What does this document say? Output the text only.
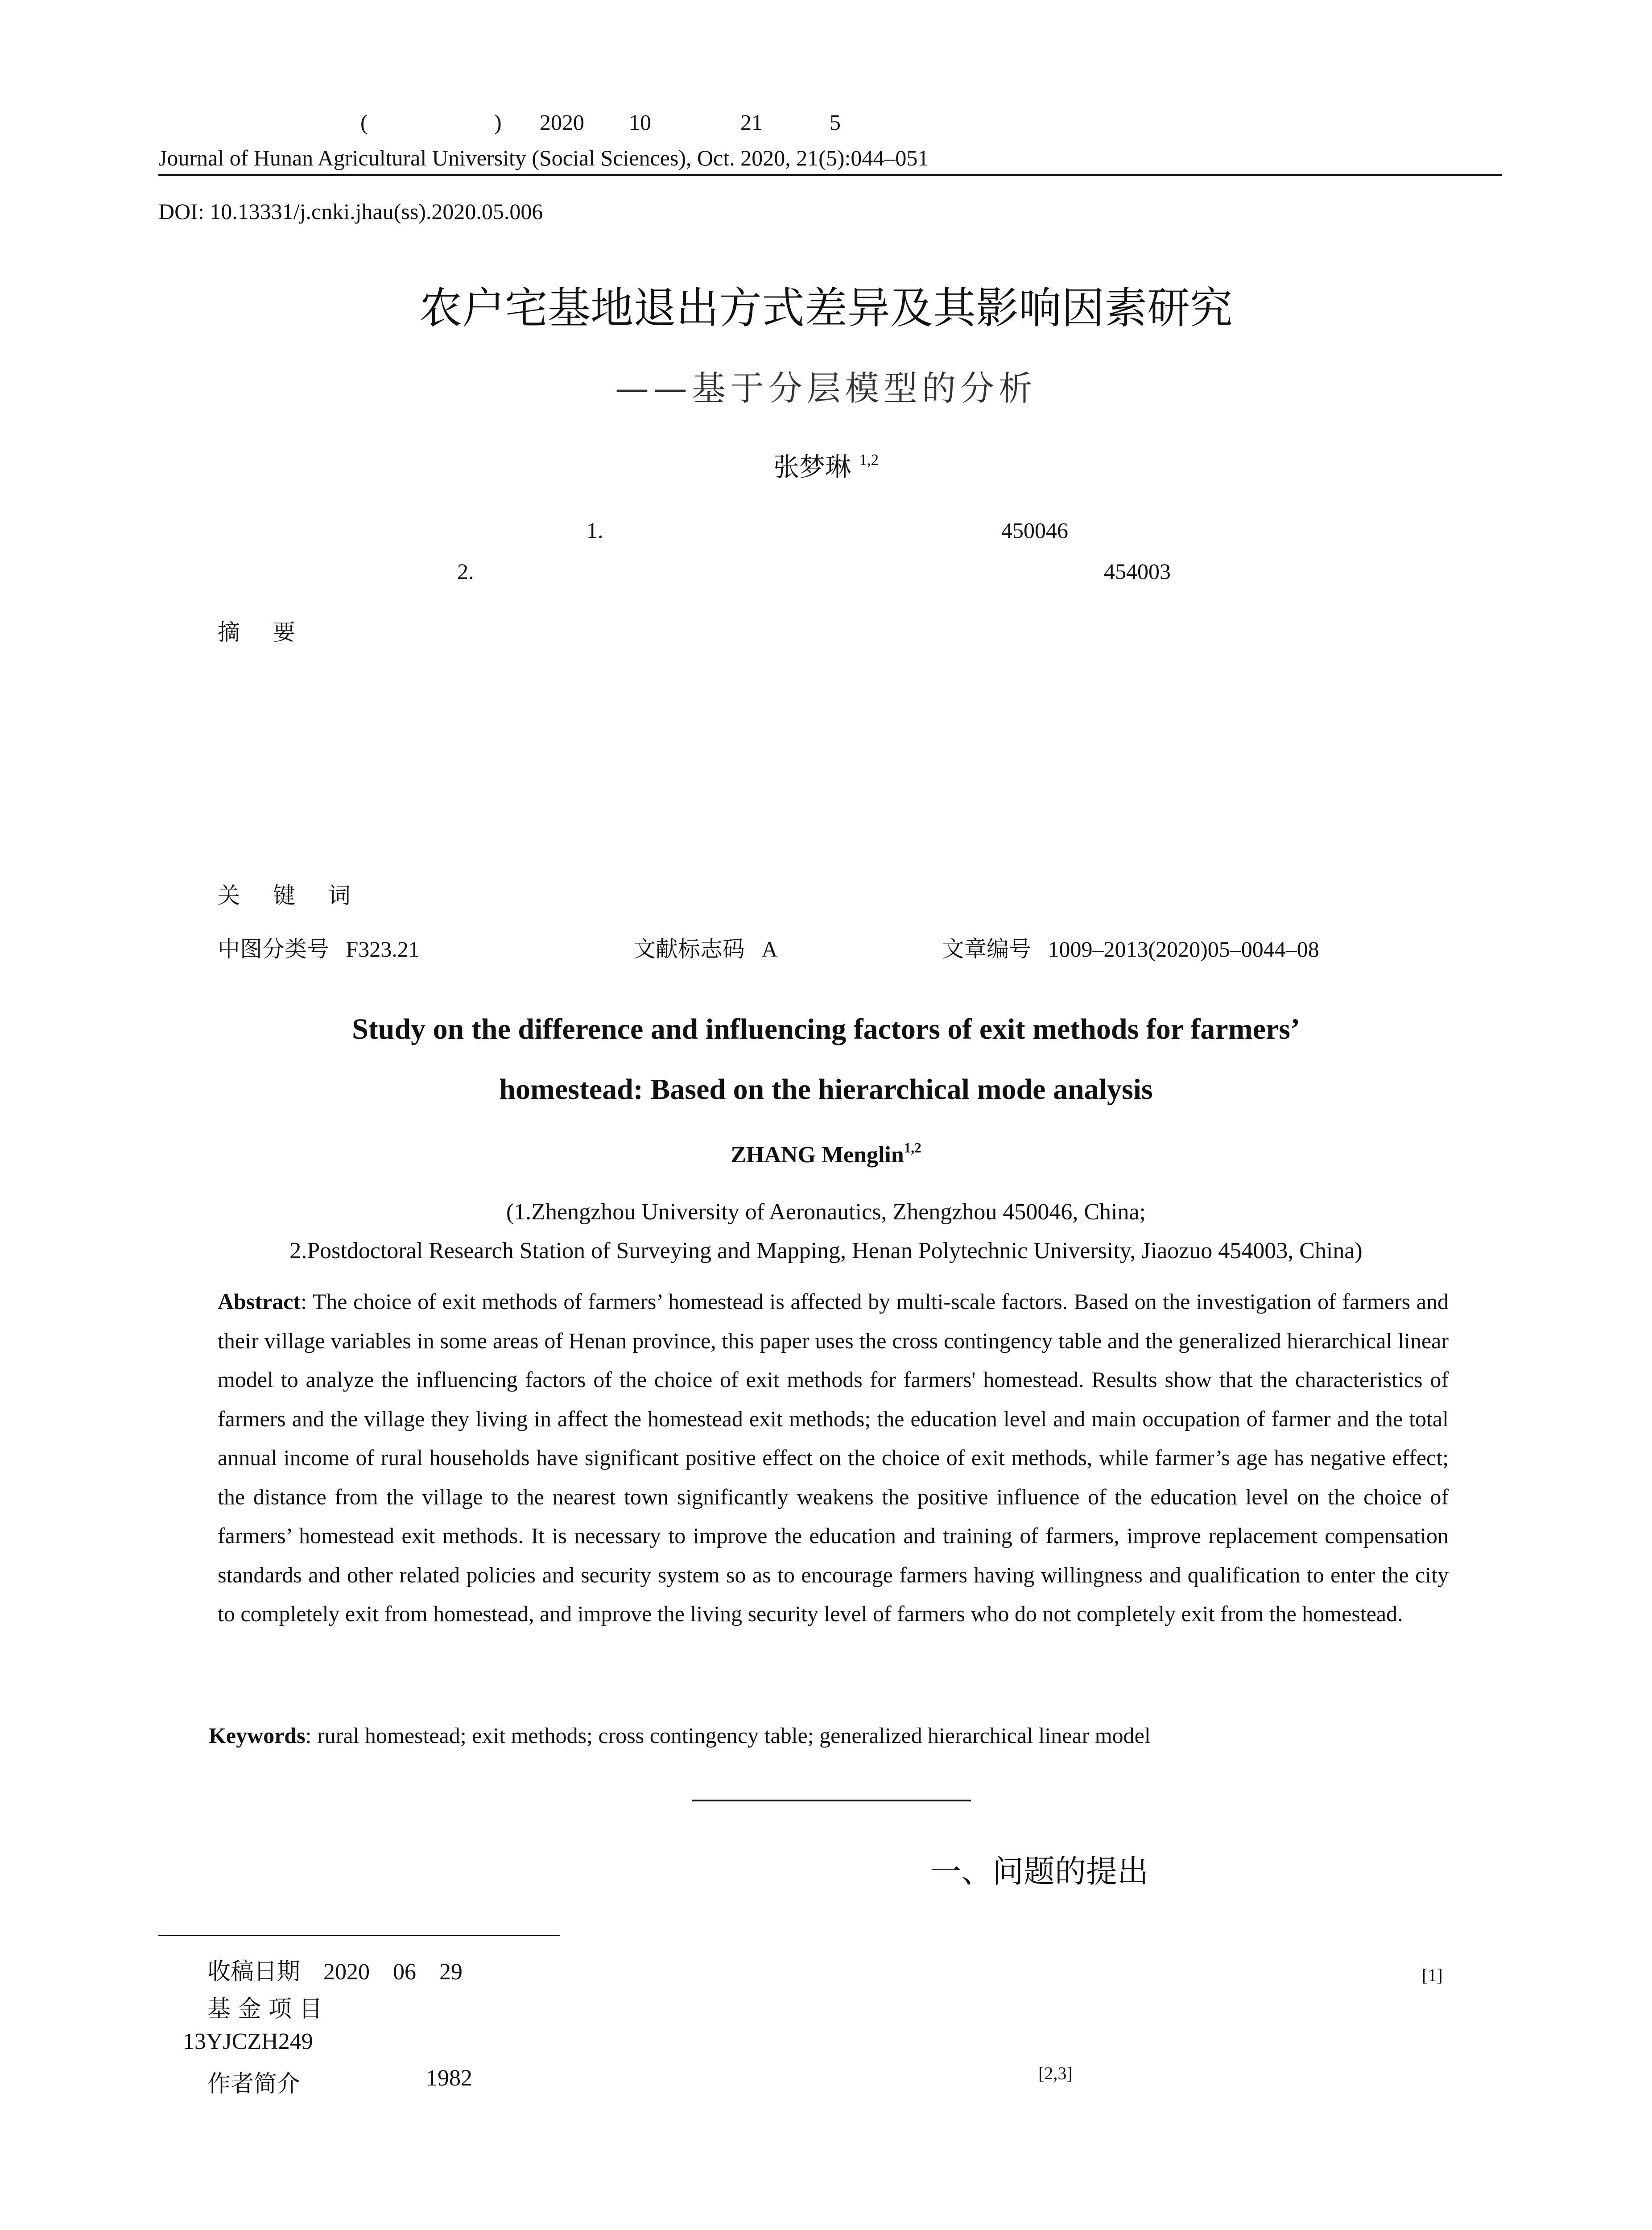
(	) 2020 10	21	5
Journal of Hunan Agricultural University (Social Sciences), Oct. 2020, 21(5):044–051
DOI: 10.13331/j.cnki.jhau(ss).2020.05.006
农户宅基地退出方式差异及其影响因素研究
——基于分层模型的分析
张梦琳 $^{1,2}$
1.	450046
2.	454003
摘　要
关　键　词
中图分类号 F323.21	文献标志码 A	文章编号 1009–2013(2020)05–0044–08
Study on the difference and influencing factors of exit methods for farmers’
homestead: Based on the hierarchical mode analysis
ZHANG Menglin$^{1,2}$
(1.Zhengzhou University of Aeronautics, Zhengzhou 450046, China;
2.Postdoctoral Research Station of Surveying and Mapping, Henan Polytechnic University, Jiaozuo 454003, China)
Abstract: The choice of exit methods of farmers’ homestead is affected by multi-scale factors. Based on the investigation of farmers and their village variables in some areas of Henan province, this paper uses the cross contingency table and the generalized hierarchical linear model to analyze the influencing factors of the choice of exit methods for farmers' homestead. Results show that the characteristics of farmers and the village they living in affect the homestead exit methods; the education level and main occupation of farmer and the total annual income of rural households have significant positive effect on the choice of exit methods, while farmer’s age has negative effect; the distance from the village to the nearest town significantly weakens the positive influence of the education level on the choice of farmers’ homestead exit methods. It is necessary to improve the education and training of farmers, improve replacement compensation standards and other related policies and security system so as to encourage farmers having willingness and qualification to enter the city to completely exit from homestead, and improve the living security level of farmers who do not completely exit from the homestead.
Keywords: rural homestead; exit methods; cross contingency table; generalized hierarchical linear model
一、问题的提出
[1]
[2,3]
收稿日期 2020 06 29
基 金 项 目
13YJCZH249
作者简介	1982
